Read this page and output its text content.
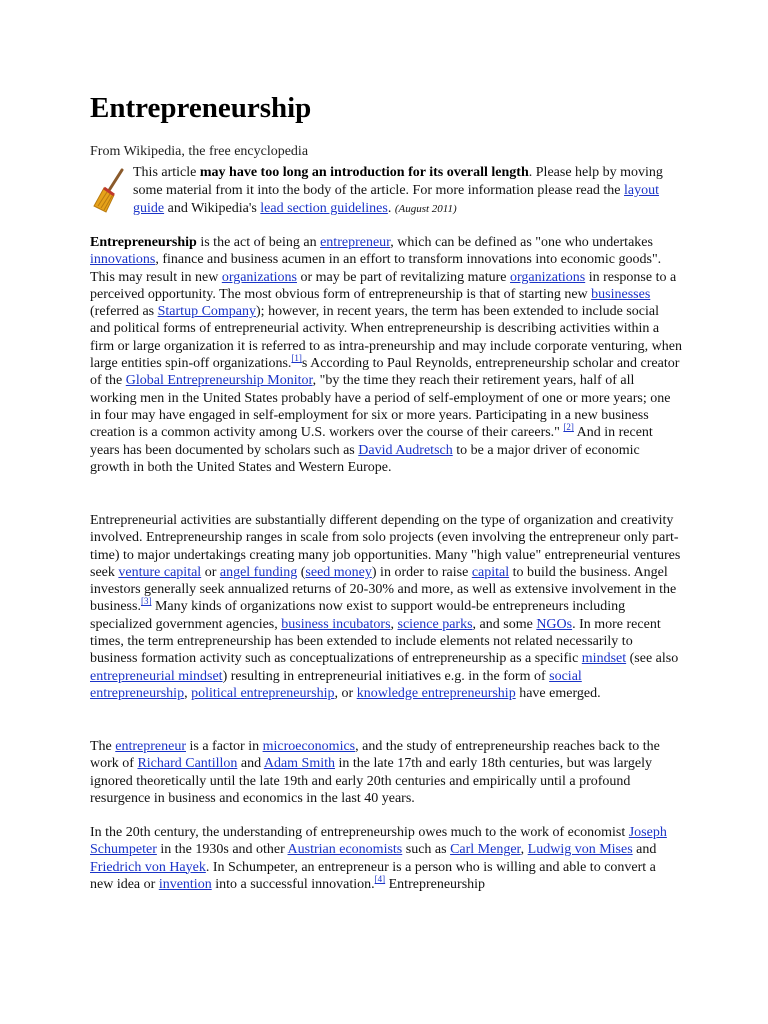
Entrepreneurship

From Wikipedia, the free encyclopedia

This article may have too long an introduction for its overall length. Please help by moving some material from it into the body of the article. For more information please read the layout guide and Wikipedia's lead section guidelines. (August 2011)

Entrepreneurship is the act of being an entrepreneur, which can be defined as "one who undertakes innovations, finance and business acumen in an effort to transform innovations into economic goods". This may result in new organizations or may be part of revitalizing mature organizations in response to a perceived opportunity. The most obvious form of entrepreneurship is that of starting new businesses (referred as Startup Company); however, in recent years, the term has been extended to include social and political forms of entrepreneurial activity. When entrepreneurship is describing activities within a firm or large organization it is referred to as intra-preneurship and may include corporate venturing, when large entities spin-off organizations.[1]s According to Paul Reynolds, entrepreneurship scholar and creator of the Global Entrepreneurship Monitor, "by the time they reach their retirement years, half of all working men in the United States probably have a period of self-employment of one or more years; one in four may have engaged in self-employment for six or more years. Participating in a new business creation is a common activity among U.S. workers over the course of their careers." [2] And in recent years has been documented by scholars such as David Audretsch to be a major driver of economic growth in both the United States and Western Europe.

Entrepreneurial activities are substantially different depending on the type of organization and creativity involved. Entrepreneurship ranges in scale from solo projects (even involving the entrepreneur only part-time) to major undertakings creating many job opportunities. Many "high value" entrepreneurial ventures seek venture capital or angel funding (seed money) in order to raise capital to build the business. Angel investors generally seek annualized returns of 20-30% and more, as well as extensive involvement in the business.[3] Many kinds of organizations now exist to support would-be entrepreneurs including specialized government agencies, business incubators, science parks, and some NGOs. In more recent times, the term entrepreneurship has been extended to include elements not related necessarily to business formation activity such as conceptualizations of entrepreneurship as a specific mindset (see also entrepreneurial mindset) resulting in entrepreneurial initiatives e.g. in the form of social entrepreneurship, political entrepreneurship, or knowledge entrepreneurship have emerged.

The entrepreneur is a factor in microeconomics, and the study of entrepreneurship reaches back to the work of Richard Cantillon and Adam Smith in the late 17th and early 18th centuries, but was largely ignored theoretically until the late 19th and early 20th centuries and empirically until a profound resurgence in business and economics in the last 40 years.

In the 20th century, the understanding of entrepreneurship owes much to the work of economist Joseph Schumpeter in the 1930s and other Austrian economists such as Carl Menger, Ludwig von Mises and Friedrich von Hayek. In Schumpeter, an entrepreneur is a person who is willing and able to convert a new idea or invention into a successful innovation.[4] Entrepreneurship
